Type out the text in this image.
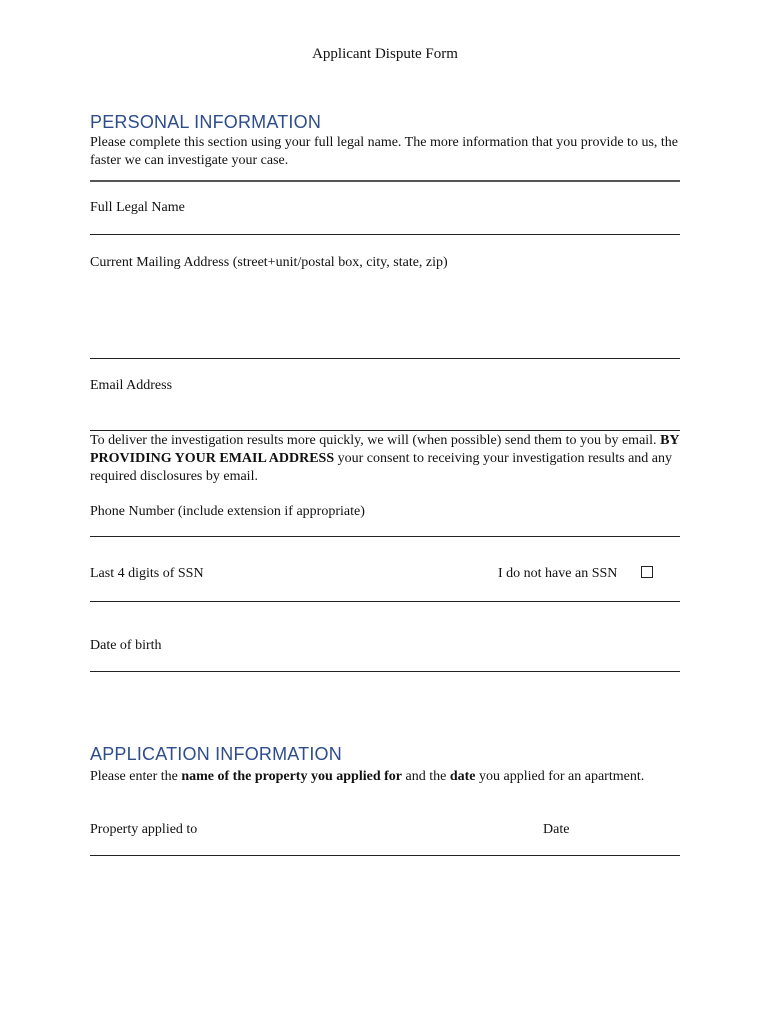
Applicant Dispute Form
PERSONAL INFORMATION
Please complete this section using your full legal name. The more information that you provide to us, the faster we can investigate your case.
Full Legal Name
Current Mailing Address (street+unit/postal box, city, state, zip)
Email Address
To deliver the investigation results more quickly, we will (when possible) send them to you by email. BY PROVIDING YOUR EMAIL ADDRESS your consent to receiving your investigation results and any required disclosures by email.
Phone Number (include extension if appropriate)
Last 4 digits of SSN	I do not have an SSN
Date of birth
APPLICATION INFORMATION
Please enter the name of the property you applied for and the date you applied for an apartment.
Property applied to	Date
